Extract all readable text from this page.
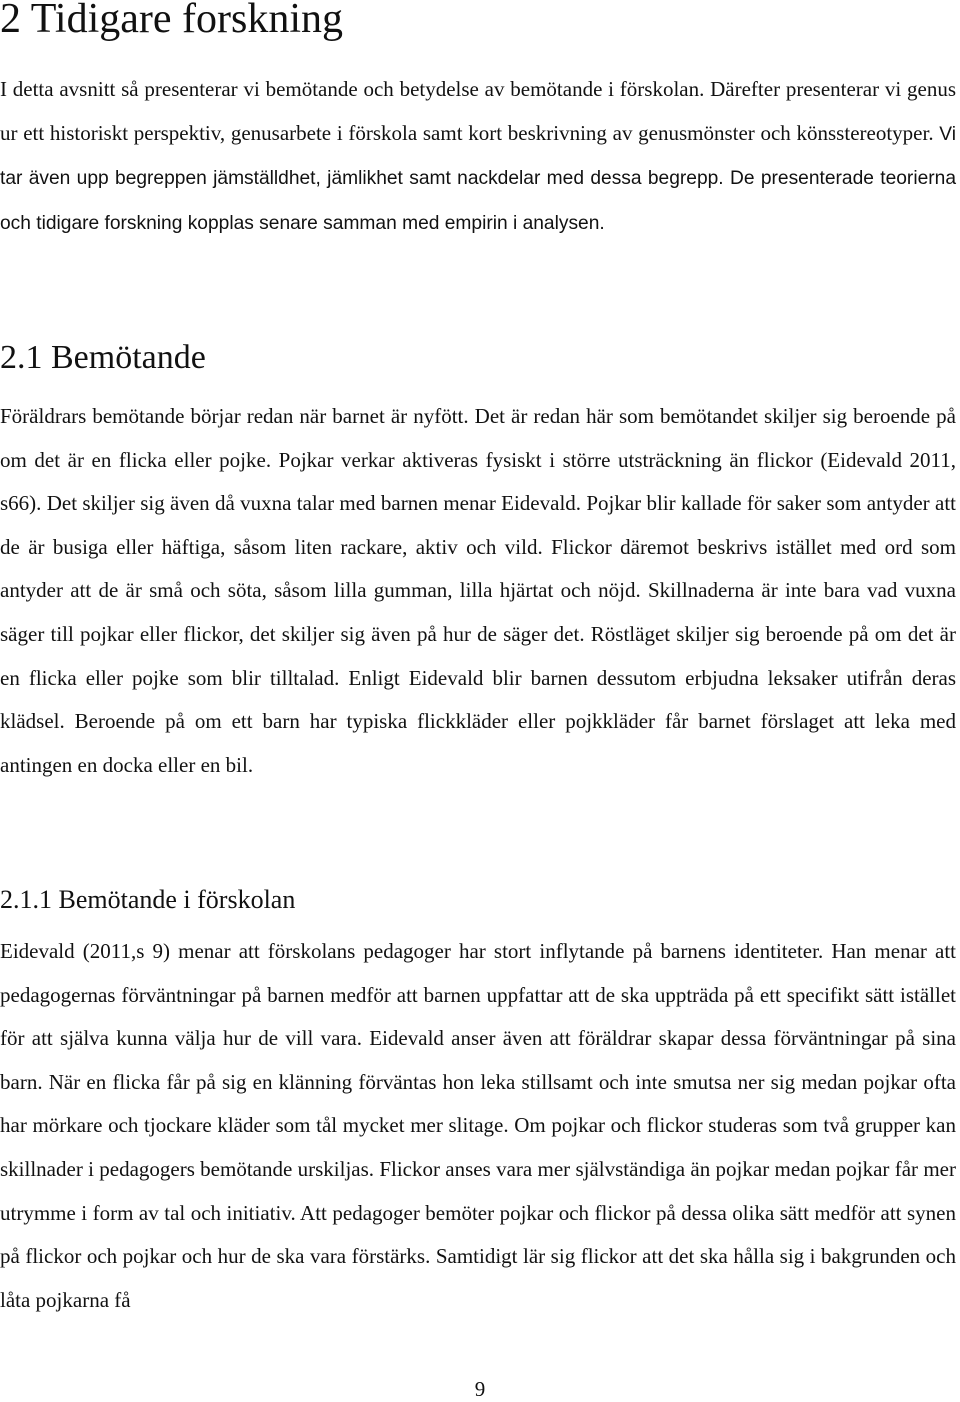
2 Tidigare forskning

I detta avsnitt så presenterar vi bemötande och betydelse av bemötande i förskolan. Därefter presenterar vi genus ur ett historiskt perspektiv, genusarbete i förskola samt kort beskrivning av genusmönster och könsstereotyper. Vi tar även upp begreppen jämställdhet, jämlikhet samt nackdelar med dessa begrepp. De presenterade teorierna och tidigare forskning kopplas senare samman med empirin i analysen.

2.1 Bemötande

Föräldrars bemötande börjar redan när barnet är nyfött. Det är redan här som bemötandet skiljer sig beroende på om det är en flicka eller pojke. Pojkar verkar aktiveras fysiskt i större utsträckning än flickor (Eidevald 2011, s66). Det skiljer sig även då vuxna talar med barnen menar Eidevald. Pojkar blir kallade för saker som antyder att de är busiga eller häftiga, såsom liten rackare, aktiv och vild. Flickor däremot beskrivs istället med ord som antyder att de är små och söta, såsom lilla gumman, lilla hjärtat och nöjd. Skillnaderna är inte bara vad vuxna säger till pojkar eller flickor, det skiljer sig även på hur de säger det. Röstläget skiljer sig beroende på om det är en flicka eller pojke som blir tilltalad. Enligt Eidevald blir barnen dessutom erbjudna leksaker utifrån deras klädsel. Beroende på om ett barn har typiska flickkläder eller pojkkläder får barnet förslaget att leka med antingen en docka eller en bil.

2.1.1 Bemötande i förskolan

Eidevald (2011,s 9) menar att förskolans pedagoger har stort inflytande på barnens identiteter. Han menar att pedagogernas förväntningar på barnen medför att barnen uppfattar att de ska uppträda på ett specifikt sätt istället för att själva kunna välja hur de vill vara. Eidevald anser även att föräldrar skapar dessa förväntningar på sina barn. När en flicka får på sig en klänning förväntas hon leka stillsamt och inte smutsa ner sig medan pojkar ofta har mörkare och tjockare kläder som tål mycket mer slitage. Om pojkar och flickor studeras som två grupper kan skillnader i pedagogers bemötande urskiljas. Flickor anses vara mer självständiga än pojkar medan pojkar får mer utrymme i form av tal och initiativ. Att pedagoger bemöter pojkar och flickor på dessa olika sätt medför att synen på flickor och pojkar och hur de ska vara förstärks. Samtidigt lär sig flickor att det ska hålla sig i bakgrunden och låta pojkarna få

9
